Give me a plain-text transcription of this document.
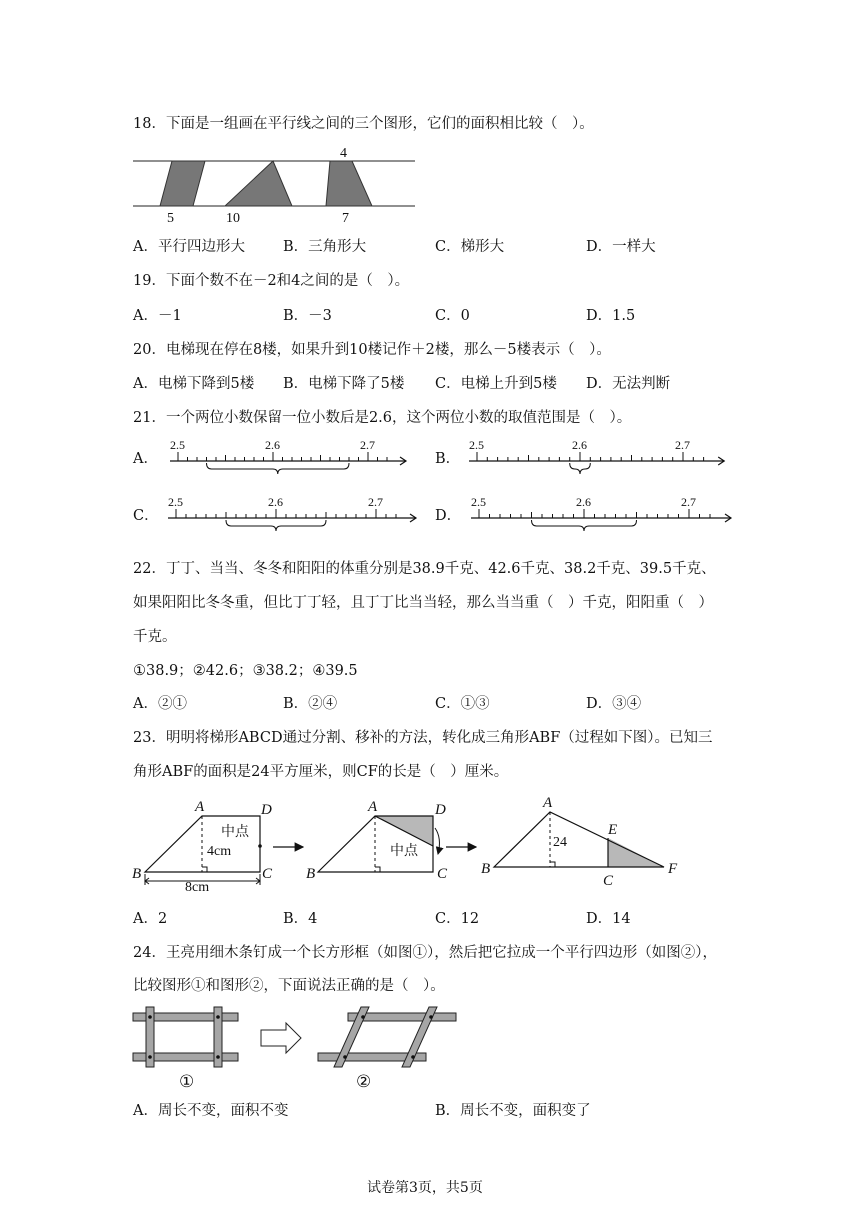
18．下面是一组画在平行线之间的三个图形，它们的面积相比较（　）。
4
5	10	7
A．平行四边形大	B．三角形大	C．梯形大	D．一样大
19．下面个数不在－2和4之间的是（　）。
A．－1	B．－3	C．0	D．1.5
20．电梯现在停在8楼，如果升到10楼记作＋2楼，那么－5楼表示（　）。
A．电梯下降到5楼 B．电梯下降了5楼 C．电梯上升到5楼 D．无法判断
21．一个两位小数保留一位小数后是2.6，这个两位小数的取值范围是（　）。
A．
2.5	2.6	2.7
B．
2.5	2.6	2.7
C．
2.5	2.6	2.7
D．
2.5	2.6	2.7
22．丁丁、当当、冬冬和阳阳的体重分别是38.9千克、42.6千克、38.2千克、39.5千克、
如果阳阳比冬冬重，但比丁丁轻，且丁丁比当当轻，那么当当重（　）千克，阳阳重（　）
千克。
①38.9；②42.6；③38.2；④39.5
A．②①	B．②④	C．①③	D．③④
23．明明将梯形ABCD通过分割、移补的方法，转化成三角形ABF（过程如下图）。已知三
角形ABF的面积是24平方厘米，则CF的长是（　）厘米。
A	D
B	C
中点
4cm
8cm
A	D
B	C
中点
A
E
B
C
F
24
A．2	B．4	C．12	D．14
24．王亮用细木条钉成一个长方形框（如图①），然后把它拉成一个平行四边形（如图②），
比较图形①和图形②，下面说法正确的是（　）。
①	②
A．周长不变，面积不变	B．周长不变，面积变了
试卷第3页，共5页
